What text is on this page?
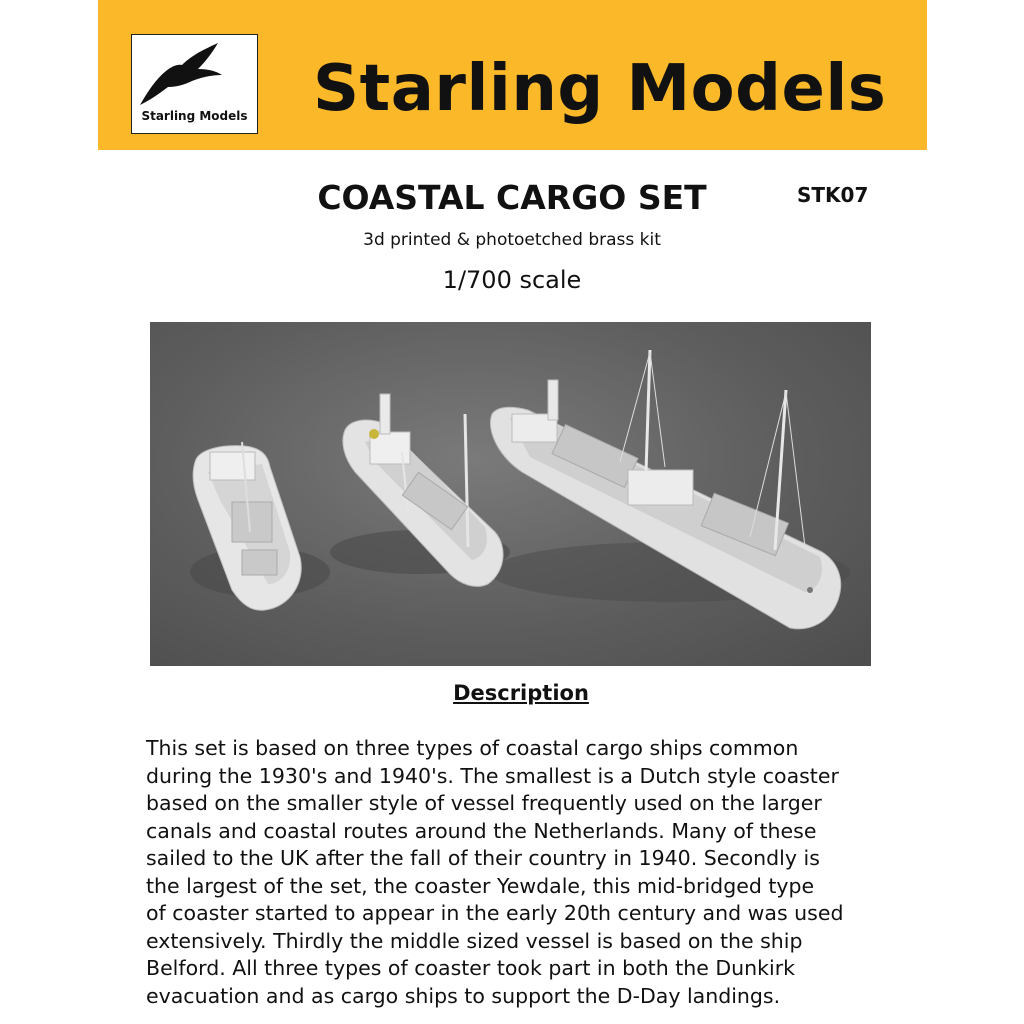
Starling Models Starling Models
COASTAL CARGO SET	STK07
3d printed & photoetched brass kit
1/700 scale
Description
This set is based on three types of coastal cargo ships common
during the 1930's and 1940's. The smallest is a Dutch style coaster
based on the smaller style of vessel frequently used on the larger
canals and coastal routes around the Netherlands. Many of these
sailed to the UK after the fall of their country in 1940. Secondly is
the largest of the set, the coaster Yewdale, this mid-bridged type
of coaster started to appear in the early 20th century and was used
extensively. Thirdly the middle sized vessel is based on the ship
Belford. All three types of coaster took part in both the Dunkirk
evacuation and as cargo ships to support the D-Day landings.
